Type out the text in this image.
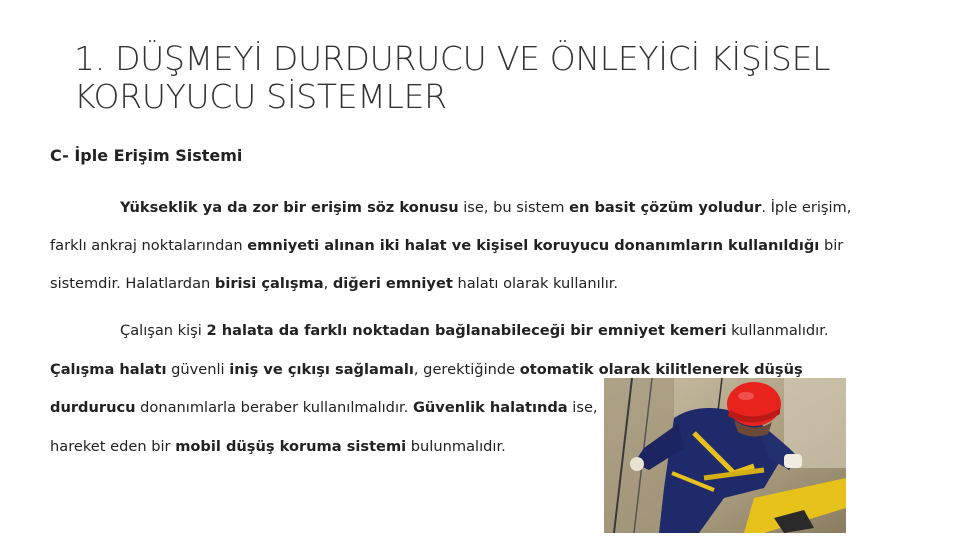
1. DÜŞMEYİ DURDURUCU VE ÖNLEYİCİ KİŞİSEL
KORUYUCU SİSTEMLER
C- İple Erişim Sistemi
Yükseklik ya da zor bir erişim söz konusu ise, bu sistem en basit çözüm yoludur. İple erişim,
farklı ankraj noktalarından emniyeti alınan iki halat ve kişisel koruyucu donanımların kullanıldığı bir
sistemdir. Halatlardan birisi çalışma, diğeri emniyet halatı olarak kullanılır.
Çalışan kişi 2 halata da farklı noktadan bağlanabileceği bir emniyet kemeri kullanmalıdır.
Çalışma halatı güvenli iniş ve çıkışı sağlamalı, gerektiğinde otomatik olarak kilitlenerek düşüş
durdurucu donanımlarla beraber kullanılmalıdır. Güvenlik halatında ise,
hareket eden bir mobil düşüş koruma sistemi bulunmalıdır.
